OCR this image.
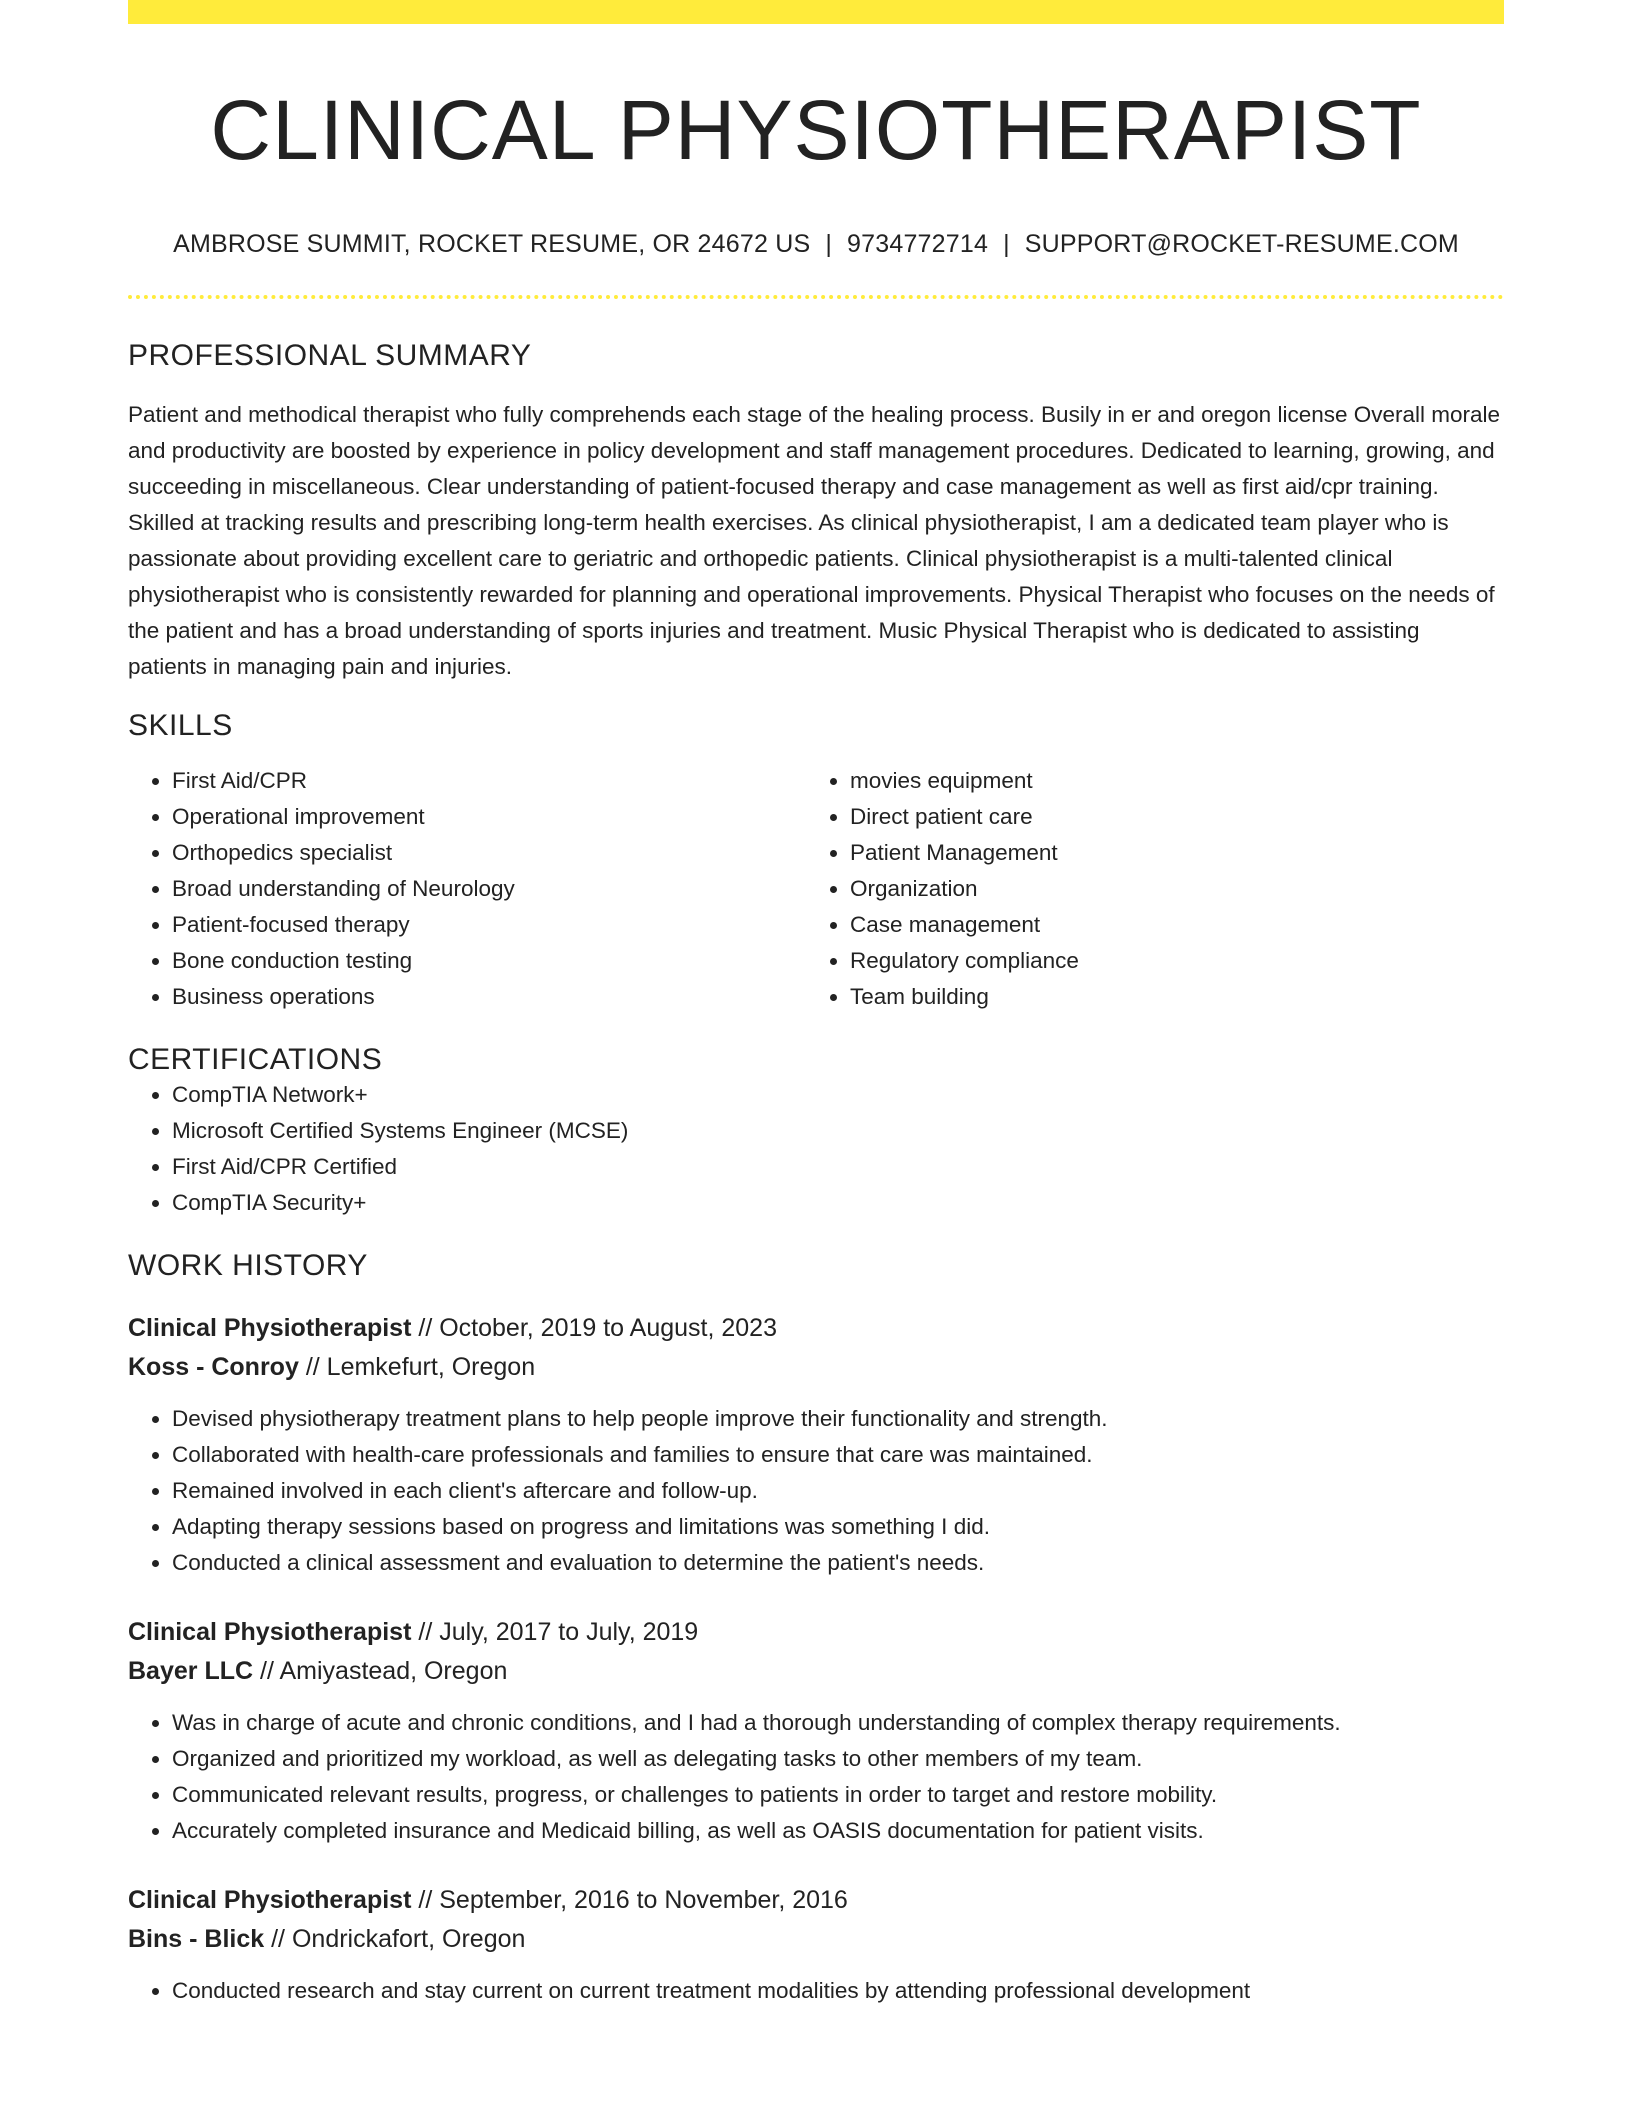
CLINICAL PHYSIOTHERAPIST
AMBROSE SUMMIT, ROCKET RESUME, OR 24672 US | 9734772714 | SUPPORT@ROCKET-RESUME.COM
PROFESSIONAL SUMMARY
Patient and methodical therapist who fully comprehends each stage of the healing process. Busily in er and oregon license Overall morale and productivity are boosted by experience in policy development and staff management procedures. Dedicated to learning, growing, and succeeding in miscellaneous. Clear understanding of patient-focused therapy and case management as well as first aid/cpr training. Skilled at tracking results and prescribing long-term health exercises. As clinical physiotherapist, I am a dedicated team player who is passionate about providing excellent care to geriatric and orthopedic patients. Clinical physiotherapist is a multi-talented clinical physiotherapist who is consistently rewarded for planning and operational improvements. Physical Therapist who focuses on the needs of the patient and has a broad understanding of sports injuries and treatment. Music Physical Therapist who is dedicated to assisting patients in managing pain and injuries.
SKILLS
• First Aid/CPR
• Operational improvement
• Orthopedics specialist
• Broad understanding of Neurology
• Patient-focused therapy
• Bone conduction testing
• Business operations
• movies equipment
• Direct patient care
• Patient Management
• Organization
• Case management
• Regulatory compliance
• Team building
CERTIFICATIONS
• CompTIA Network+
• Microsoft Certified Systems Engineer (MCSE)
• First Aid/CPR Certified
• CompTIA Security+
WORK HISTORY
Clinical Physiotherapist // October, 2019 to August, 2023
Koss - Conroy // Lemkefurt, Oregon
• Devised physiotherapy treatment plans to help people improve their functionality and strength.
• Collaborated with health-care professionals and families to ensure that care was maintained.
• Remained involved in each client's aftercare and follow-up.
• Adapting therapy sessions based on progress and limitations was something I did.
• Conducted a clinical assessment and evaluation to determine the patient's needs.
Clinical Physiotherapist // July, 2017 to July, 2019
Bayer LLC // Amiyastead, Oregon
• Was in charge of acute and chronic conditions, and I had a thorough understanding of complex therapy requirements.
• Organized and prioritized my workload, as well as delegating tasks to other members of my team.
• Communicated relevant results, progress, or challenges to patients in order to target and restore mobility.
• Accurately completed insurance and Medicaid billing, as well as OASIS documentation for patient visits.
Clinical Physiotherapist // September, 2016 to November, 2016
Bins - Blick // Ondrickafort, Oregon
• Conducted research and stay current on current treatment modalities by attending professional development
